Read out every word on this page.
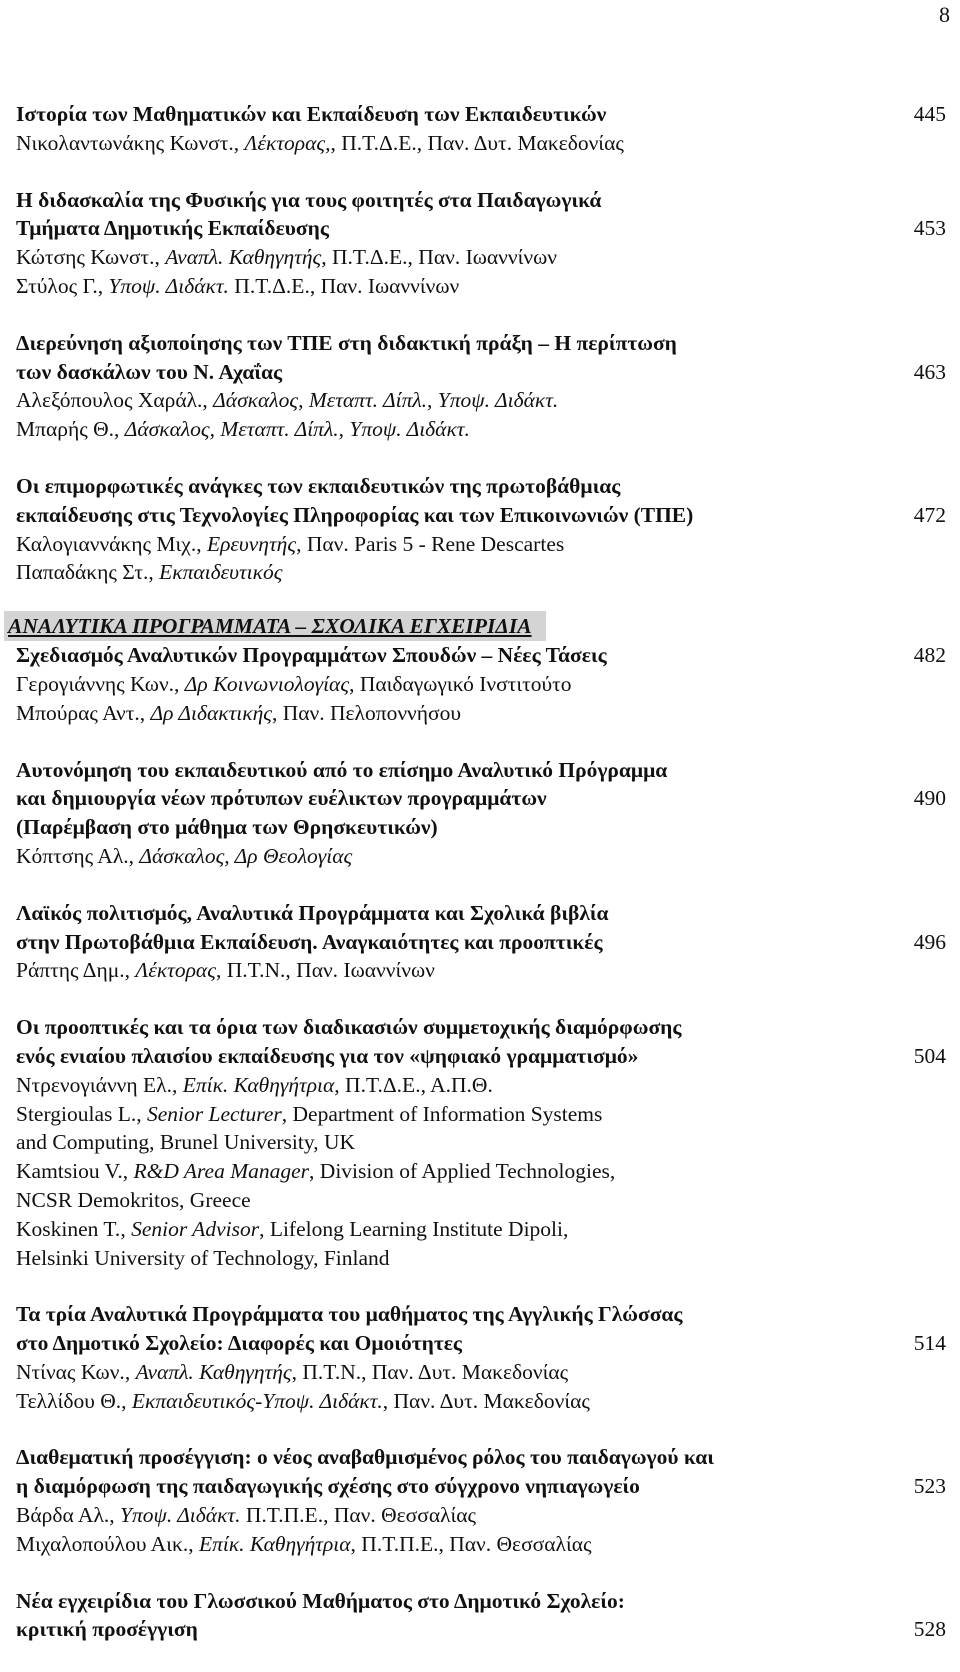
8
Ιστορία των Μαθηματικών και Εκπαίδευση των Εκπαιδευτικών	445
Νικολαντωνάκης Κωνστ., Λέκτορας,, Π.Τ.Δ.Ε., Παν. Δυτ. Μακεδονίας
Η διδασκαλία της Φυσικής για τους φοιτητές στα Παιδαγωγικά
Τμήματα Δημοτικής Εκπαίδευσης	453
Κώτσης Κωνστ., Αναπλ. Καθηγητής, Π.Τ.Δ.Ε., Παν. Ιωαννίνων
Στύλος Γ., Υποψ. Διδάκτ. Π.Τ.Δ.Ε., Παν. Ιωαννίνων
Διερεύνηση αξιοποίησης των ΤΠΕ στη διδακτική πράξη – Η περίπτωση
των δασκάλων του Ν. Αχαΐας	463
Αλεξόπουλος Χαράλ., Δάσκαλος, Μεταπτ. Δίπλ., Υποψ. Διδάκτ.
Μπαρής Θ., Δάσκαλος, Μεταπτ. Δίπλ., Υποψ. Διδάκτ.
Οι επιμορφωτικές ανάγκες των εκπαιδευτικών της πρωτοβάθμιας
εκπαίδευσης στις Τεχνολογίες Πληροφορίας και των Επικοινωνιών (ΤΠΕ)	472
Καλογιαννάκης Μιχ., Ερευνητής, Παν. Paris 5 - Rene Descartes
Παπαδάκης Στ., Εκπαιδευτικός
ΑΝΑΛΥΤΙΚΑ ΠΡΟΓΡΑΜΜΑΤΑ – ΣΧΟΛΙΚΑ ΕΓΧΕΙΡΙΔΙΑ
Σχεδιασμός Αναλυτικών Προγραμμάτων Σπουδών – Νέες Τάσεις	482
Γερογιάννης Κων., Δρ Κοινωνιολογίας, Παιδαγωγικό Ινστιτούτο
Μπούρας Αντ., Δρ Διδακτικής, Παν. Πελοποννήσου
Αυτονόμηση του εκπαιδευτικού από το επίσημο Αναλυτικό Πρόγραμμα
και δημιουργία νέων πρότυπων ευέλικτων προγραμμάτων	490
(Παρέμβαση στο μάθημα των Θρησκευτικών)
Κόπτσης Αλ., Δάσκαλος, Δρ Θεολογίας
Λαϊκός πολιτισμός, Αναλυτικά Προγράμματα και Σχολικά βιβλία
στην Πρωτοβάθμια Εκπαίδευση. Αναγκαιότητες και προοπτικές	496
Ράπτης Δημ., Λέκτορας, Π.Τ.Ν., Παν. Ιωαννίνων
Οι προοπτικές και τα όρια των διαδικασιών συμμετοχικής διαμόρφωσης
ενός ενιαίου πλαισίου εκπαίδευσης για τον «ψηφιακό γραμματισμό»	504
Ντρενογιάννη Ελ., Επίκ. Καθηγήτρια, Π.Τ.Δ.Ε., Α.Π.Θ.
Stergioulas L., Senior Lecturer, Department of Information Systems
and Computing, Brunel University, UK
Kamtsiou V., R&D Area Manager, Division of Applied Technologies,
NCSR Demokritos, Greece
Koskinen T., Senior Advisor, Lifelong Learning Institute Dipoli,
Helsinki University of Technology, Finland
Τα τρία Αναλυτικά Προγράμματα του μαθήματος της Αγγλικής Γλώσσας
στο Δημοτικό Σχολείο: Διαφορές και Ομοιότητες	514
Ντίνας Κων., Αναπλ. Καθηγητής, Π.Τ.Ν., Παν. Δυτ. Μακεδονίας
Τελλίδου Θ., Εκπαιδευτικός-Υποψ. Διδάκτ., Παν. Δυτ. Μακεδονίας
Διαθεματική προσέγγιση: ο νέος αναβαθμισμένος ρόλος του παιδαγωγού και
η διαμόρφωση της παιδαγωγικής σχέσης στο σύγχρονο νηπιαγωγείο	523
Βάρδα Αλ., Υποψ. Διδάκτ. Π.Τ.Π.Ε., Παν. Θεσσαλίας
Μιχαλοπούλου Αικ., Επίκ. Καθηγήτρια, Π.Τ.Π.Ε., Παν. Θεσσαλίας
Νέα εγχειρίδια του Γλωσσικού Μαθήματος στο Δημοτικό Σχολείο:
κριτική προσέγγιση	528
